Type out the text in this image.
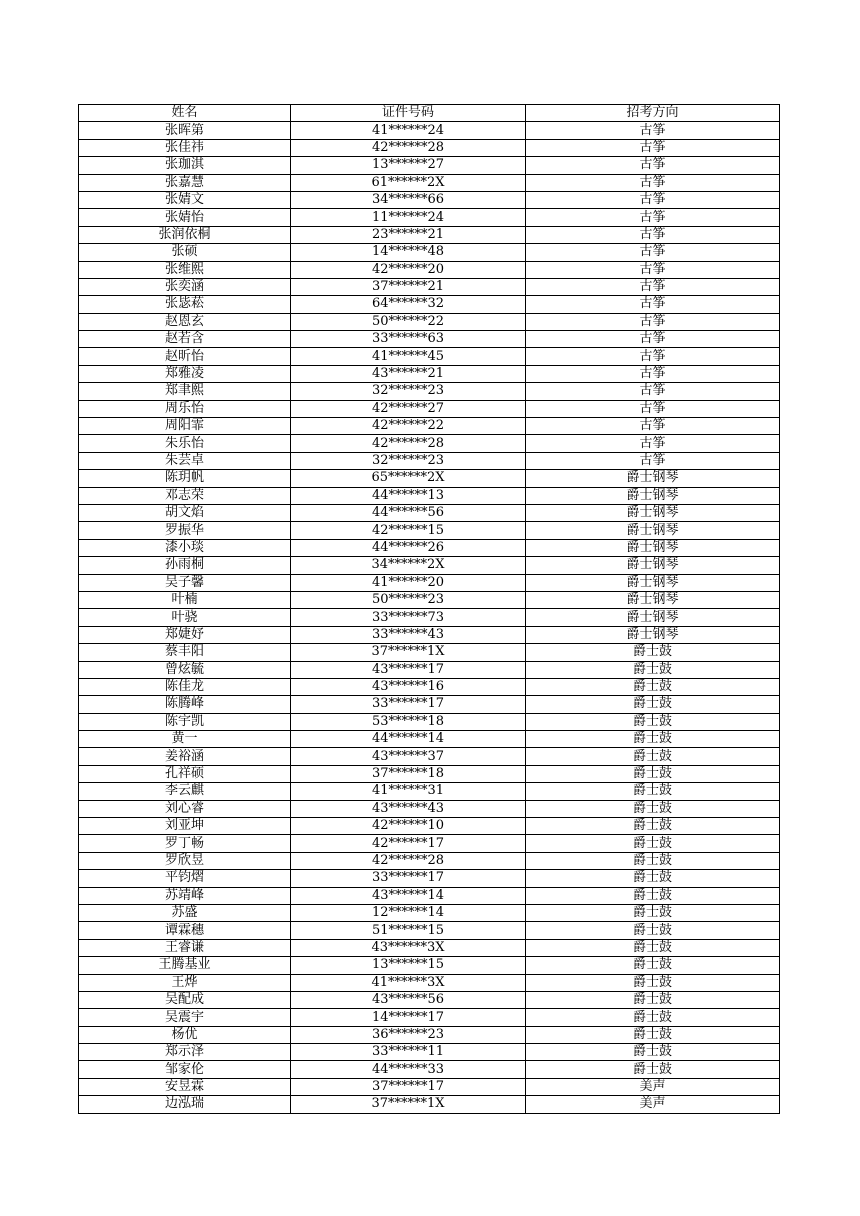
姓名	证件号码	招考方向
张晖第	41******24	古筝
张佳祎	42******28	古筝
张珈淇	13******27	古筝
张嘉慧	61******2X	古筝
张婧文	34******66	古筝
张婧怡	11******24	古筝
张润依桐	23******21	古筝
张硕	14******48	古筝
张维熙	42******20	古筝
张奕涵	37******21	古筝
张毖菘	64******32	古筝
赵恩玄	50******22	古筝
赵若含	33******63	古筝
赵昕怡	41******45	古筝
郑雅凌	43******21	古筝
郑聿熙	32******23	古筝
周乐怡	42******27	古筝
周阳霏	42******22	古筝
朱乐怡	42******28	古筝
朱芸卓	32******23	古筝
陈玥帆	65******2X	爵士钢琴
邓志荣	44******13	爵士钢琴
胡文焰	44******56	爵士钢琴
罗振华	42******15	爵士钢琴
漆小琰	44******26	爵士钢琴
孙雨桐	34******2X	爵士钢琴
吴子馨	41******20	爵士钢琴
叶楠	50******23	爵士钢琴
叶骁	33******73	爵士钢琴
郑婕妤	33******43	爵士钢琴
蔡丰阳	37******1X	爵士鼓
曾炫毓	43******17	爵士鼓
陈佳龙	43******16	爵士鼓
陈腾峰	33******17	爵士鼓
陈宇凯	53******18	爵士鼓
黄一	44******14	爵士鼓
姜裕涵	43******37	爵士鼓
孔祥硕	37******18	爵士鼓
李云麒	41******31	爵士鼓
刘心睿	43******43	爵士鼓
刘亚坤	42******10	爵士鼓
罗丁畅	42******17	爵士鼓
罗欣昱	42******28	爵士鼓
平钧熠	33******17	爵士鼓
苏靖峰	43******14	爵士鼓
苏盛	12******14	爵士鼓
谭霖穗	51******15	爵士鼓
王睿谦	43******3X	爵士鼓
王腾基业	13******15	爵士鼓
王烨	41******3X	爵士鼓
吴配成	43******56	爵士鼓
吴震宇	14******17	爵士鼓
杨优	36******23	爵士鼓
郑示泽	33******11	爵士鼓
邹家伦	44******33	爵士鼓
安昱霖	37******17	美声
边泓瑞	37******1X	美声
